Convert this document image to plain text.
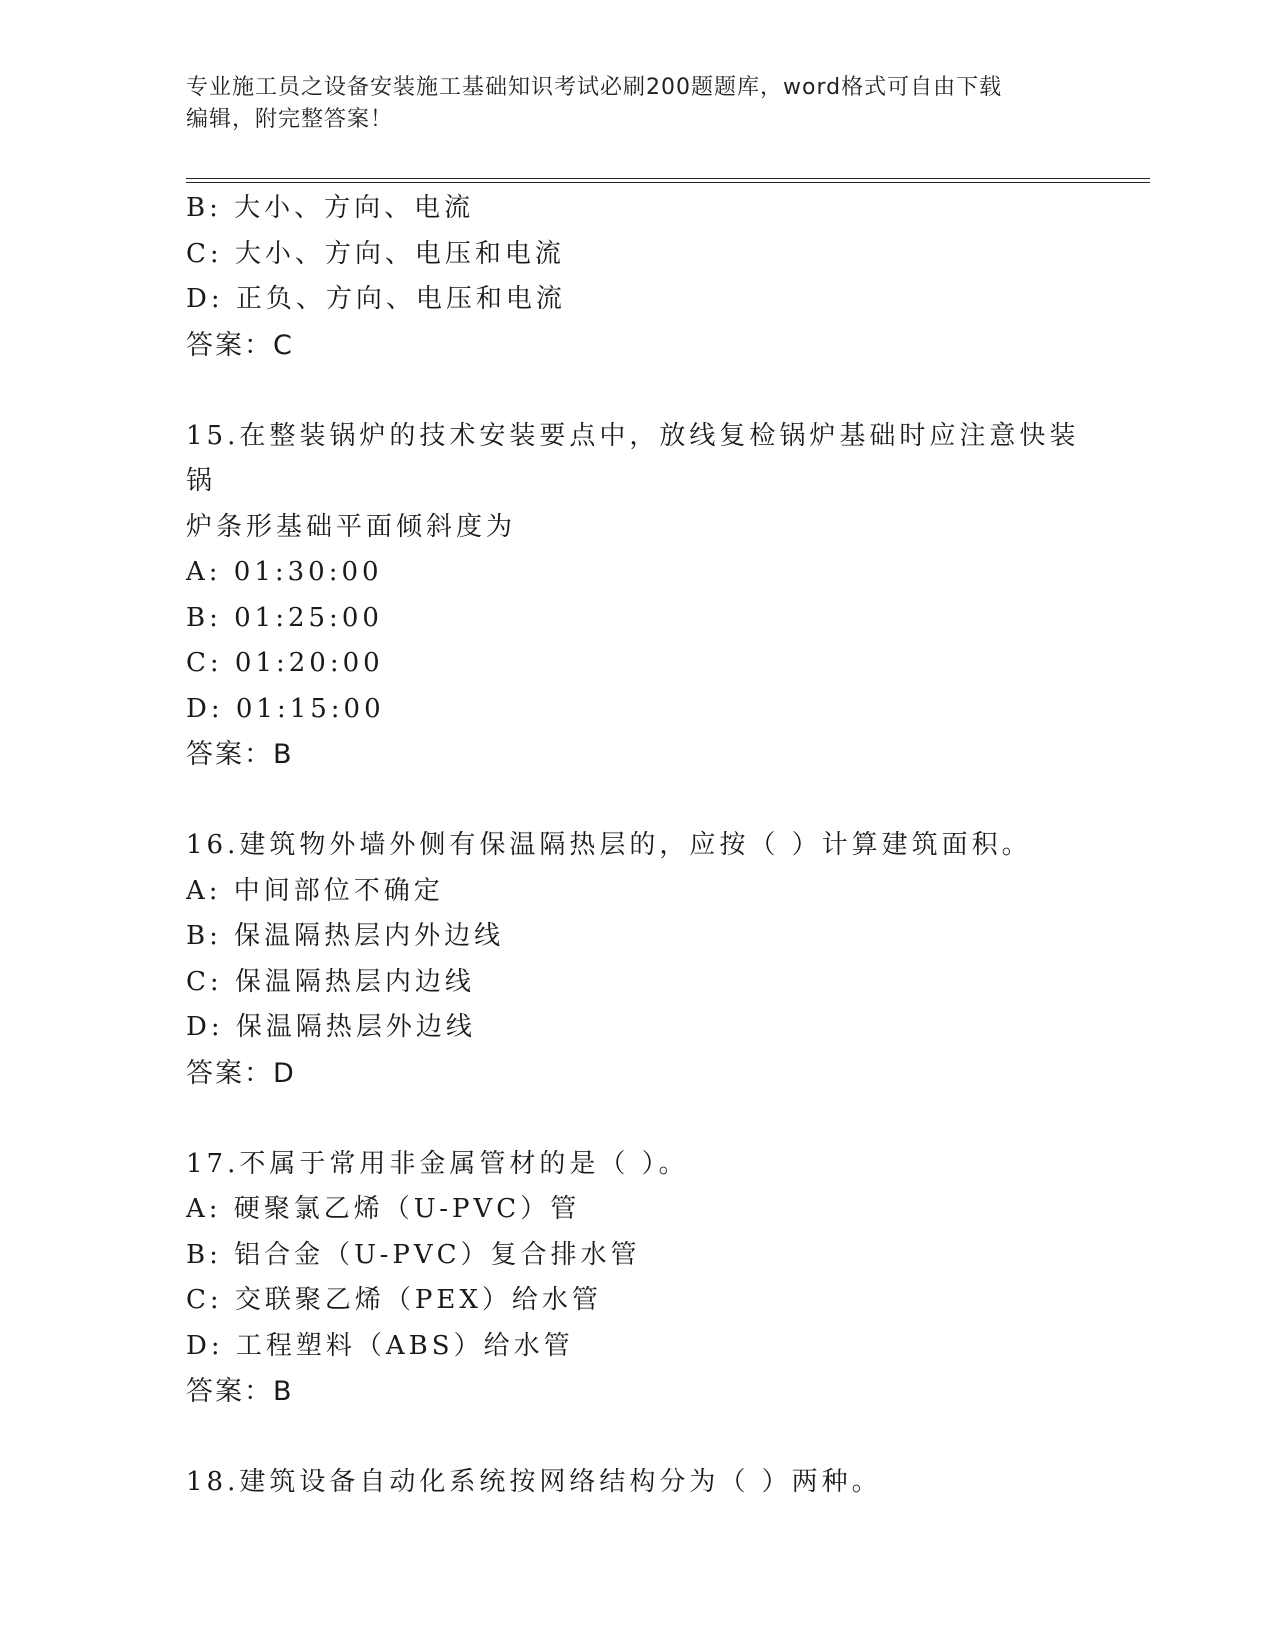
专业施工员之设备安装施工基础知识考试必刷200题题库，word格式可自由下载
编辑，附完整答案！
B: 大小、方向、电流
C: 大小、方向、电压和电流
D: 正负、方向、电压和电流
答案：C
15.在整装锅炉的技术安装要点中，放线复检锅炉基础时应注意快装锅
炉条形基础平面倾斜度为
A: 01:30:00
B: 01:25:00
C: 01:20:00
D: 01:15:00
答案：B
16.建筑物外墙外侧有保温隔热层的，应按（ ）计算建筑面积。
A: 中间部位不确定
B: 保温隔热层内外边线
C: 保温隔热层内边线
D: 保温隔热层外边线
答案：D
17.不属于常用非金属管材的是（ ）。
A: 硬聚氯乙烯（U-PVC）管
B: 铝合金（U-PVC）复合排水管
C: 交联聚乙烯（PEX）给水管
D: 工程塑料（ABS）给水管
答案：B
18.建筑设备自动化系统按网络结构分为（ ）两种。
